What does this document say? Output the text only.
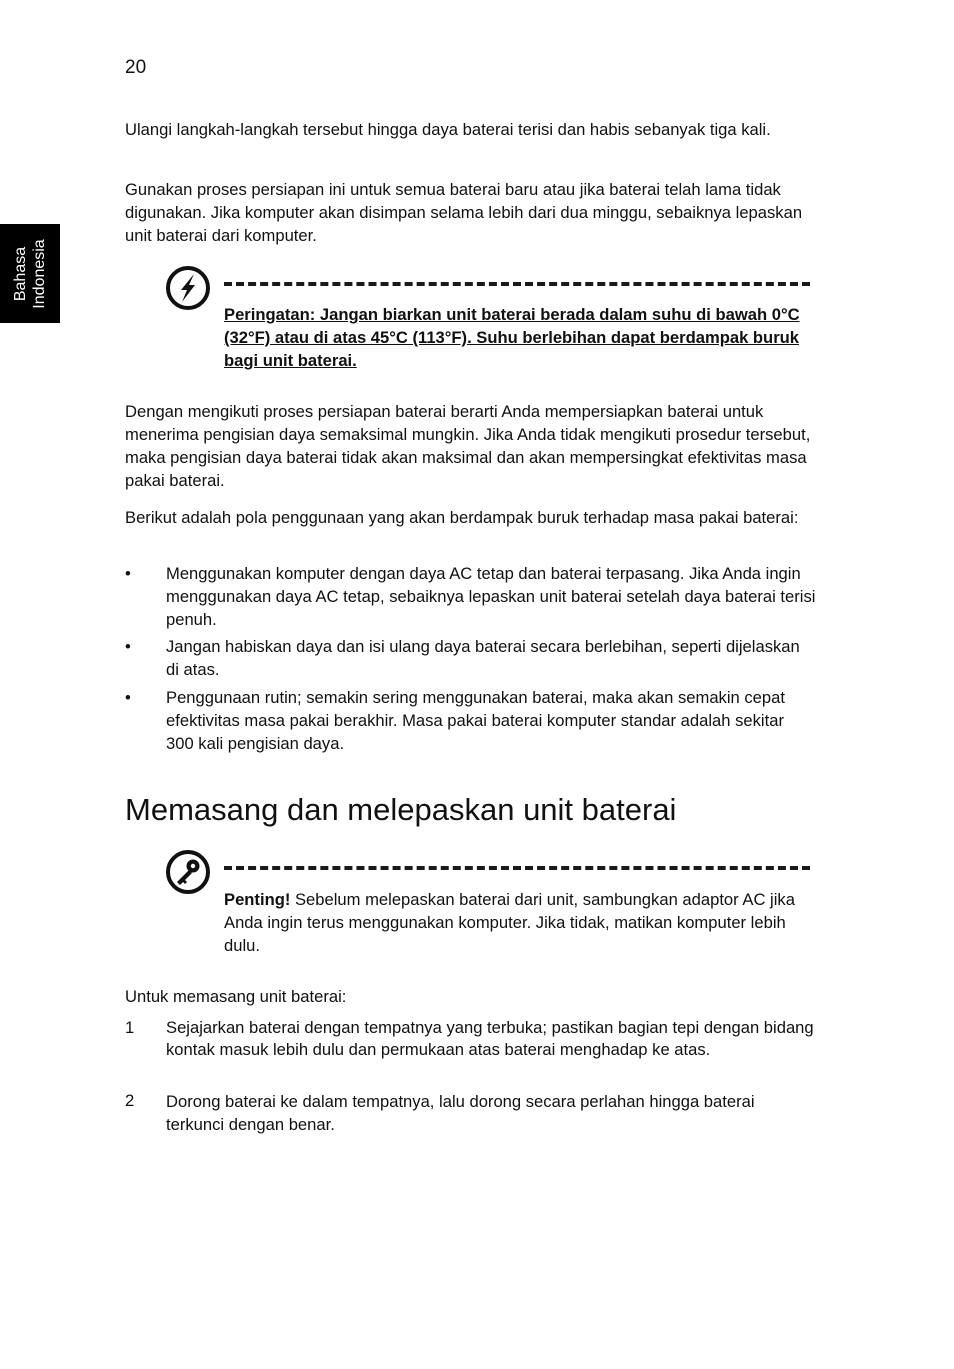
20
Bahasa Indonesia

Ulangi langkah-langkah tersebut hingga daya baterai terisi dan habis sebanyak tiga kali.

Gunakan proses persiapan ini untuk semua baterai baru atau jika baterai telah lama tidak digunakan. Jika komputer akan disimpan selama lebih dari dua minggu, sebaiknya lepaskan unit baterai dari komputer.

Peringatan: Jangan biarkan unit baterai berada dalam suhu di bawah 0°C (32°F) atau di atas 45°C (113°F). Suhu berlebihan dapat berdampak buruk bagi unit baterai.

Dengan mengikuti proses persiapan baterai berarti Anda mempersiapkan baterai untuk menerima pengisian daya semaksimal mungkin. Jika Anda tidak mengikuti prosedur tersebut, maka pengisian daya baterai tidak akan maksimal dan akan mempersingkat efektivitas masa pakai baterai.

Berikut adalah pola penggunaan yang akan berdampak buruk terhadap masa pakai baterai:

• Menggunakan komputer dengan daya AC tetap dan baterai terpasang. Jika Anda ingin menggunakan daya AC tetap, sebaiknya lepaskan unit baterai setelah daya baterai terisi penuh.

• Jangan habiskan daya dan isi ulang daya baterai secara berlebihan, seperti dijelaskan di atas.

• Penggunaan rutin; semakin sering menggunakan baterai, maka akan semakin cepat efektivitas masa pakai berakhir. Masa pakai baterai komputer standar adalah sekitar 300 kali pengisian daya.

Memasang dan melepaskan unit baterai

Penting! Sebelum melepaskan baterai dari unit, sambungkan adaptor AC jika Anda ingin terus menggunakan komputer. Jika tidak, matikan komputer lebih dulu.

Untuk memasang unit baterai:

1 Sejajarkan baterai dengan tempatnya yang terbuka; pastikan bagian tepi dengan bidang kontak masuk lebih dulu dan permukaan atas baterai menghadap ke atas.

2 Dorong baterai ke dalam tempatnya, lalu dorong secara perlahan hingga baterai terkunci dengan benar.
